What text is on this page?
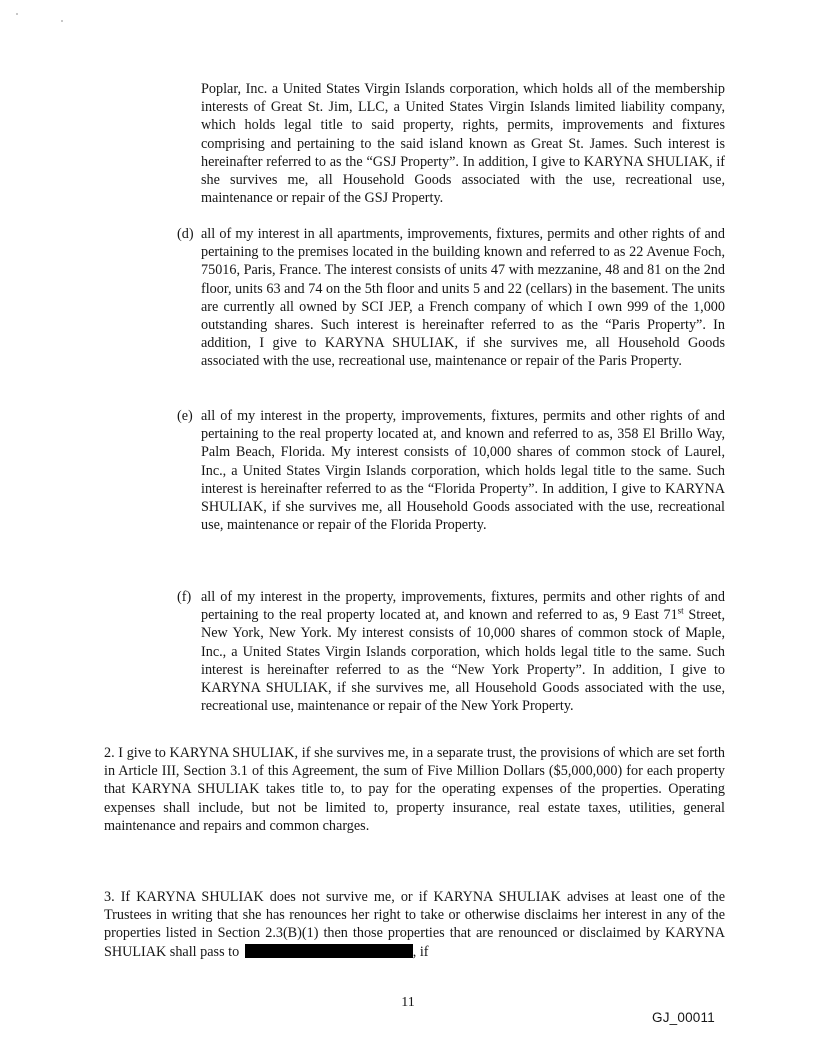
Poplar, Inc. a United States Virgin Islands corporation, which holds all of the membership interests of Great St. Jim, LLC, a United States Virgin Islands limited liability company, which holds legal title to said property, rights, permits, improvements and fixtures comprising and pertaining to the said island known as Great St. James. Such interest is hereinafter referred to as the “GSJ Property”. In addition, I give to KARYNA SHULIAK, if she survives me, all Household Goods associated with the use, recreational use, maintenance or repair of the GSJ Property.

(d) all of my interest in all apartments, improvements, fixtures, permits and other rights of and pertaining to the premises located in the building known and referred to as 22 Avenue Foch, 75016, Paris, France. The interest consists of units 47 with mezzanine, 48 and 81 on the 2nd floor, units 63 and 74 on the 5th floor and units 5 and 22 (cellars) in the basement. The units are currently all owned by SCI JEP, a French company of which I own 999 of the 1,000 outstanding shares. Such interest is hereinafter referred to as the “Paris Property”. In addition, I give to KARYNA SHULIAK, if she survives me, all Household Goods associated with the use, recreational use, maintenance or repair of the Paris Property.

(e) all of my interest in the property, improvements, fixtures, permits and other rights of and pertaining to the real property located at, and known and referred to as, 358 El Brillo Way, Palm Beach, Florida. My interest consists of 10,000 shares of common stock of Laurel, Inc., a United States Virgin Islands corporation, which holds legal title to the same. Such interest is hereinafter referred to as the “Florida Property”. In addition, I give to KARYNA SHULIAK, if she survives me, all Household Goods associated with the use, recreational use, maintenance or repair of the Florida Property.

(f) all of my interest in the property, improvements, fixtures, permits and other rights of and pertaining to the real property located at, and known and referred to as, 9 East 71st Street, New York, New York. My interest consists of 10,000 shares of common stock of Maple, Inc., a United States Virgin Islands corporation, which holds legal title to the same. Such interest is hereinafter referred to as the “New York Property”. In addition, I give to KARYNA SHULIAK, if she survives me, all Household Goods associated with the use, recreational use, maintenance or repair of the New York Property.

2. I give to KARYNA SHULIAK, if she survives me, in a separate trust, the provisions of which are set forth in Article III, Section 3.1 of this Agreement, the sum of Five Million Dollars ($5,000,000) for each property that KARYNA SHULIAK takes title to, to pay for the operating expenses of the properties. Operating expenses shall include, but not be limited to, property insurance, real estate taxes, utilities, general maintenance and repairs and common charges.

3. If KARYNA SHULIAK does not survive me, or if KARYNA SHULIAK advises at least one of the Trustees in writing that she has renounces her right to take or otherwise disclaims her interest in any of the properties listed in Section 2.3(B)(1) then those properties that are renounced or disclaimed by KARYNA SHULIAK shall pass to	, if

11
GJ_00011
